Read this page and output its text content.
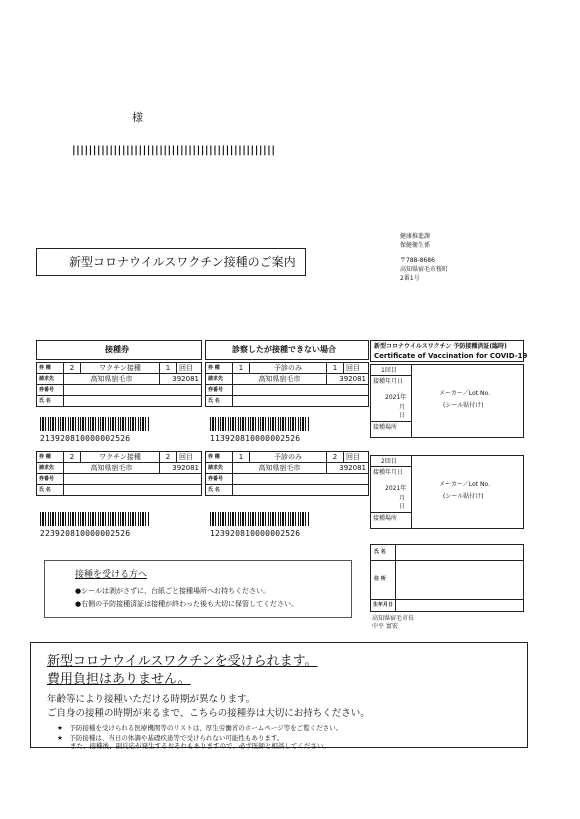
様
|||||||||||||||||||||||||||||||||||||||||||||||||
健康推進課
保健衛生係
〒788-8686
高知県宿毛市桜町
2番1号
新型コロナウイルスワクチン接種のご案内
接種券	診察したが接種できない場合	新型コロナウイルスワクチン 予防接種済証(臨時)
Certificate of Vaccination for COVID-19
券 種	2	ワクチン接種	1	回目
請求先	高知県宿毛市		392081	
券番号				
氏 名				
213920810000002526
券 種	1	予診のみ	1	回目
請求先	高知県宿毛市		392081	
券番号				
氏 名				
113920810000002526
券 種	2	ワクチン接種	2	回目
請求先	高知県宿毛市		392081	
券番号				
氏 名				
223920810000002526
券 種	1	予診のみ	2	回目
請求先	高知県宿毛市		392081	
券番号				
氏 名				
123920810000002526
1回目
接種年月日
2021年
月
日
接種場所
メーカー／Lot No.
(シール貼付け)
2回目
接種年月日
2021年
月
日
接種場所
メーカー／Lot No.
(シール貼付け)
氏 名
住 所
生年月日
高知県宿毛市長
中平 富宏
接種を受ける方へ
●シールは剥がさずに、台紙ごと接種場所へお持ちください。
●右側の予防接種済証は接種が終わった後も大切に保管してください。
新型コロナウイルスワクチンを受けられます。
費用負担はありません。
年齢等により接種いただける時期が異なります。
ご自身の接種の時期が来るまで、こちらの接種券は大切にお持ちください。
★　予防接種を受けられる医療機関等のリストは、厚生労働省のホームページ等をご覧ください。
★　予防接種は、当日の体調や基礎疾患等で受けられない可能性もあります。
　　また、接種後、副反応が発生するおそれもありますので、必ず医師と相談してください。
